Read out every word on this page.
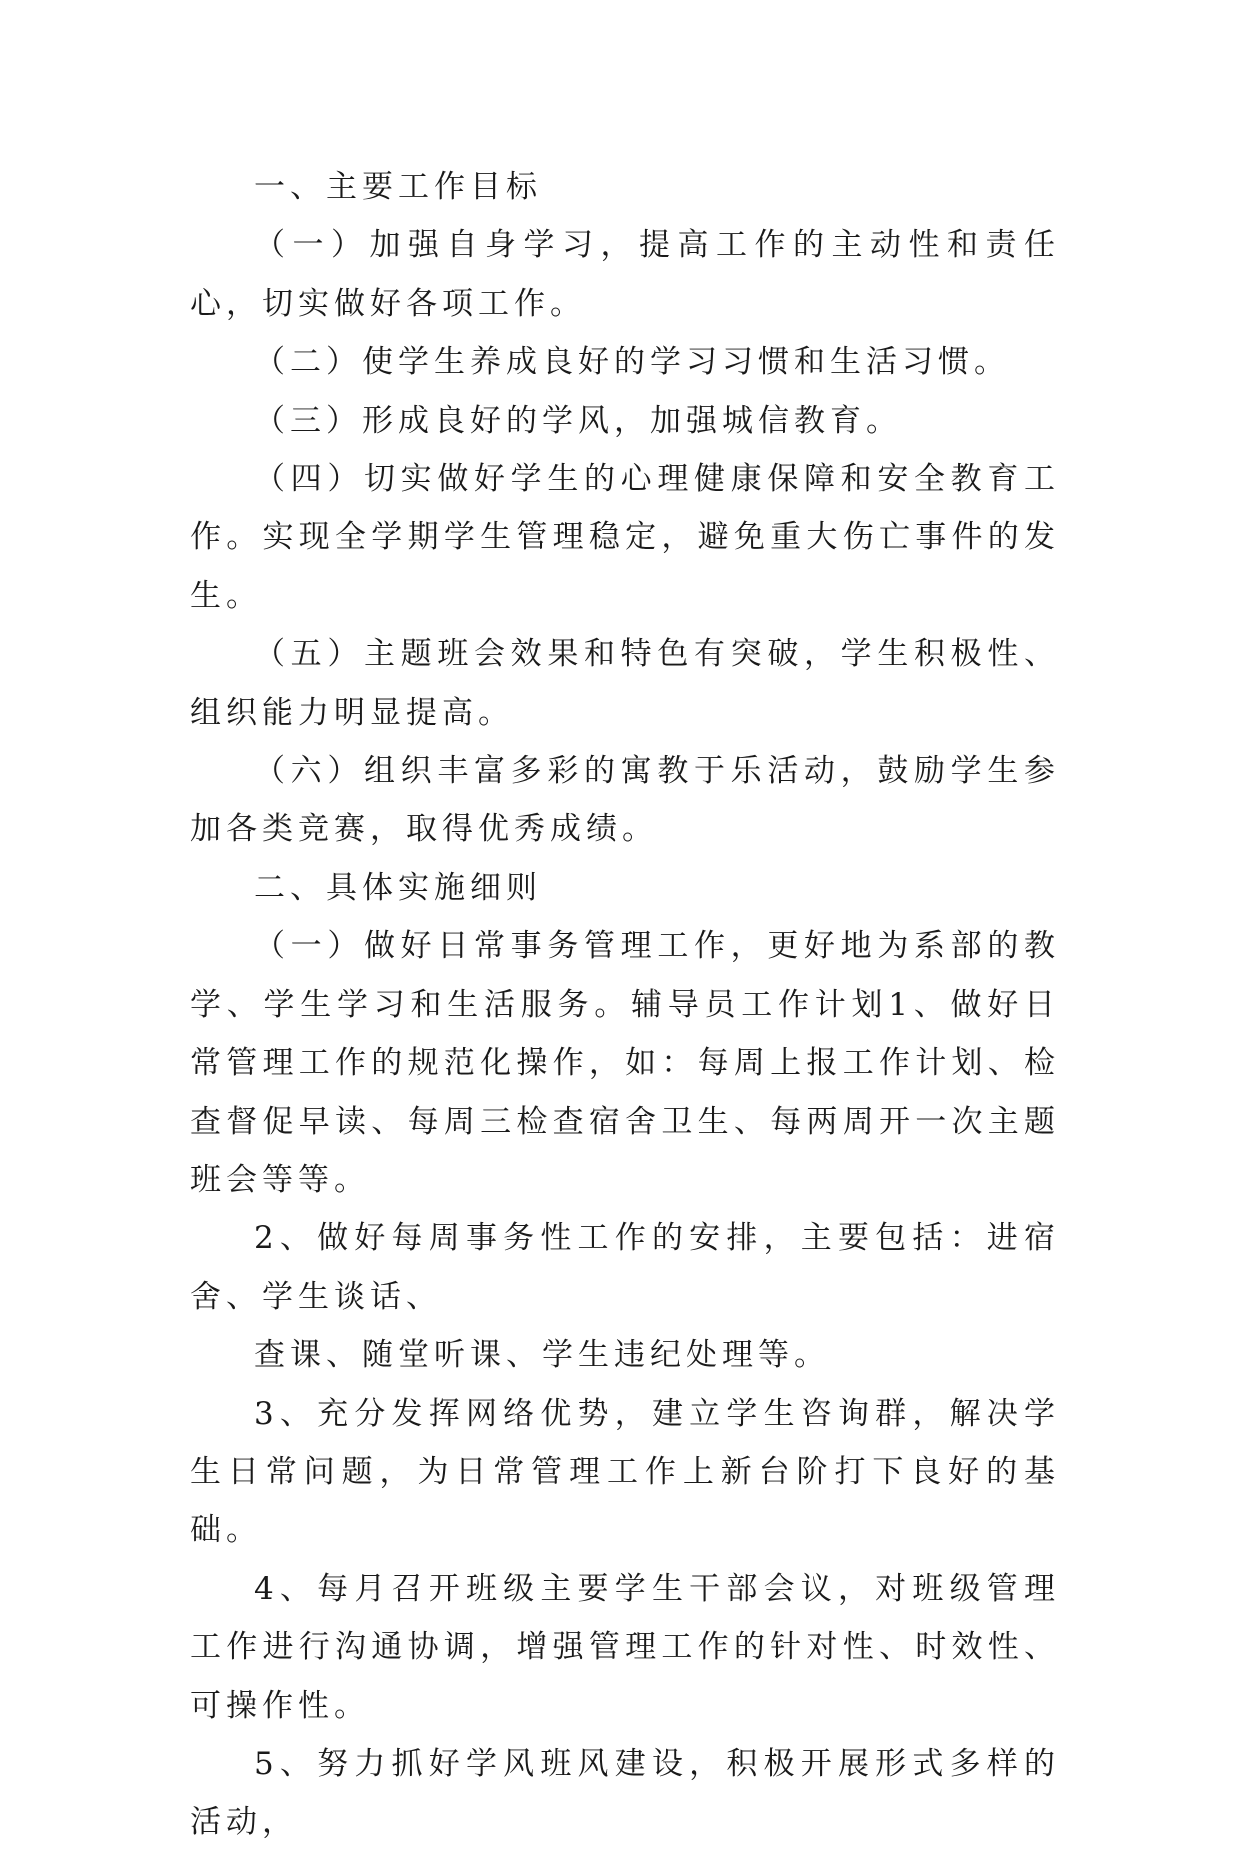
一、主要工作目标

（一）加强自身学习，提高工作的主动性和责任心，切实做好各项工作。

（二）使学生养成良好的学习习惯和生活习惯。

（三）形成良好的学风，加强城信教育。

（四）切实做好学生的心理健康保障和安全教育工作。实现全学期学生管理稳定，避免重大伤亡事件的发生。

（五）主题班会效果和特色有突破，学生积极性、组织能力明显提高。

（六）组织丰富多彩的寓教于乐活动，鼓励学生参加各类竞赛，取得优秀成绩。

二、具体实施细则

（一）做好日常事务管理工作，更好地为系部的教学、学生学习和生活服务。辅导员工作计划1、做好日常管理工作的规范化操作，如：每周上报工作计划、检查督促早读、每周三检查宿舍卫生、每两周开一次主题班会等等。

2、做好每周事务性工作的安排，主要包括：进宿舍、学生谈话、

查课、随堂听课、学生违纪处理等。

3、充分发挥网络优势，建立学生咨询群，解决学生日常问题，为日常管理工作上新台阶打下良好的基础。

4、每月召开班级主要学生干部会议，对班级管理工作进行沟通协调，增强管理工作的针对性、时效性、可操作性。

5、努力抓好学风班风建设，积极开展形式多样的活动，
